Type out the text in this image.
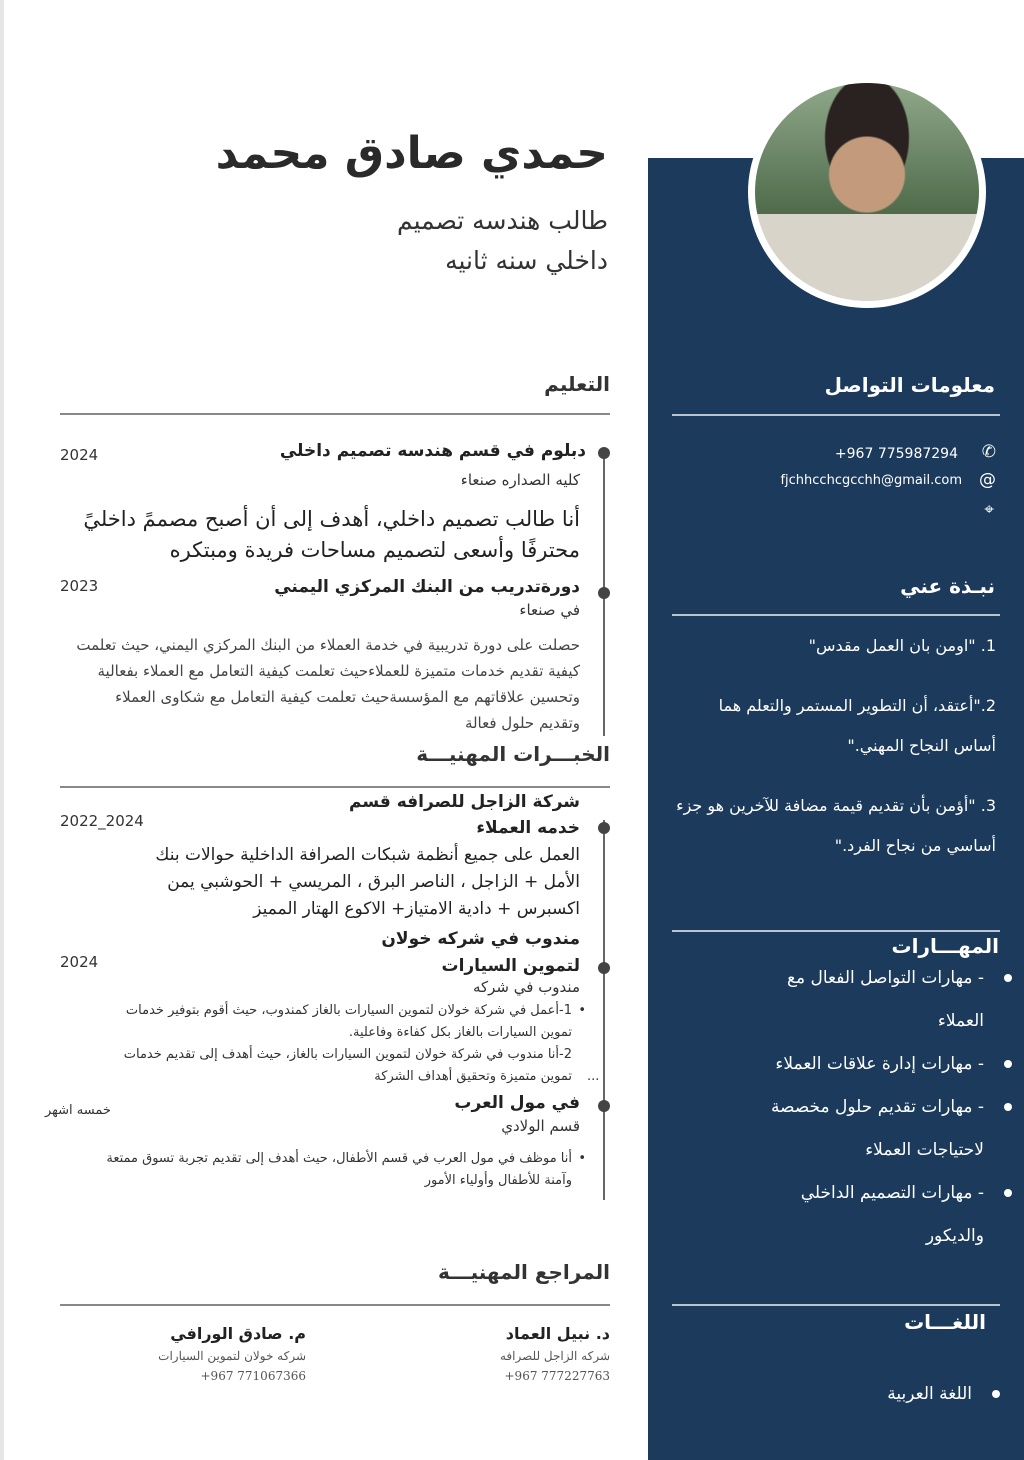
حمدي صادق محمد
طالب هندسه تصميم
داخلي سنه ثانيه
التعليم
دبلوم في قسم هندسه تصميم داخلي
2024
كليه الصداره صنعاء
أنا طالب تصميم داخلي، أهدف إلى أن أصبح مصممً داخليً محترفًا وأسعى لتصميم مساحات فريدة ومبتكره
دورةتدريب من البنك المركزي اليمني
2023
في صنعاء
حصلت على دورة تدريبية في خدمة العملاء من البنك المركزي اليمني، حيث تعلمت كيفية تقديم خدمات متميزة للعملاءحيث تعلمت كيفية التعامل مع العملاء بفعالية وتحسين علاقاتهم مع المؤسسةحيث تعلمت كيفية التعامل مع شكاوى العملاء وتقديم حلول فعالة
الخبـــرات المهنيـــة
شركة الزاجل للصرافه قسم
خدمه العملاء
2022_2024
العمل على جميع أنظمة شبكات الصرافة الداخلية حوالات بنك الأمل + الزاجل ، الناصر البرق ، المريسي + الحوشبي يمن اكسبرس + دادية الامتياز+ الاكوع الهتار المميز
مندوب في شركه خولان
لتموين السيارات
2024
مندوب في شركه
•
1-أعمل في شركة خولان لتموين السيارات بالغاز كمندوب، حيث أقوم بتوفير خدمات تموين السيارات بالغاز بكل كفاءة وفاعلية.
2-أنا مندوب في شركة خولان لتموين السيارات بالغاز، حيث أهدف إلى تقديم خدمات تموين متميزة وتحقيق أهداف الشركة ...
في مول العرب
خمسه اشهر
قسم الولادي
•
أنا موظف في مول العرب في قسم الأطفال، حيث أهدف إلى تقديم تجربة تسوق ممتعة وآمنة للأطفال وأولياء الأمور
المراجع المهنيـــة
د. نبيل العماد
شركه الزاجل للصرافه
+967 777227763
م. صادق الورافي
شركه خولان لتموين السيارات
+967 771067366
معلومات التواصل
+967 775987294 ✆
fjchhcchcgcchh@gmail.com @
⌖
نبـذة عني
1. "اومن بان العمل مقدس"
2."أعتقد، أن التطوير المستمر والتعلم هما أساس النجاح المهني."
3. "أؤمن بأن تقديم قيمة مضافة للآخرين هو جزء أساسي من نجاح الفرد."
المهـــارات
- مهارات التواصل الفعال مع العملاء
- مهارات إدارة علاقات العملاء
- مهارات تقديم حلول مخصصة لاحتياجات العملاء
- مهارات التصميم الداخلي والديكور
اللغـــات
اللغة العربية
